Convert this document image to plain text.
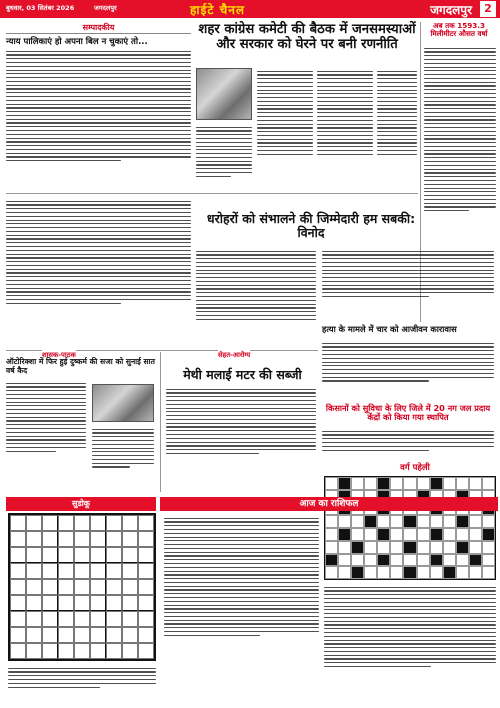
बुधवार, 03 सितंबर 2026	जगदलपुर	हाईटे चैनल	जगदलपुर	2
सम्पादकीय
न्याय पालिकाएं हो अपना बिल न चुकाएं तो...
शहर कांग्रेस कमेटी की बैठक में जनसमस्याओं और सरकार को घेरने पर बनी रणनीति
अब तक 1593.3 मिलीमीटर औसत वर्षा
धरोहरों को संभालने की जिम्मेदारी हम सबकी: विनोद
हत्या के मामले में चार को आजीवन कारावास
किसानों को सुविधा के लिए जिले में 20 नग जल प्रदाय केंद्रों को किया गया स्थापित
शासक-पाठक
ऑटोरिक्शा में फिर हुई दुष्कर्म की सजा को सुनाई सात वर्ष कैद
सेहत-आरोग्य
मेथी मलाई मटर की सब्जी
वर्ग पहेली
सुडोकू	आज का राशिफल
